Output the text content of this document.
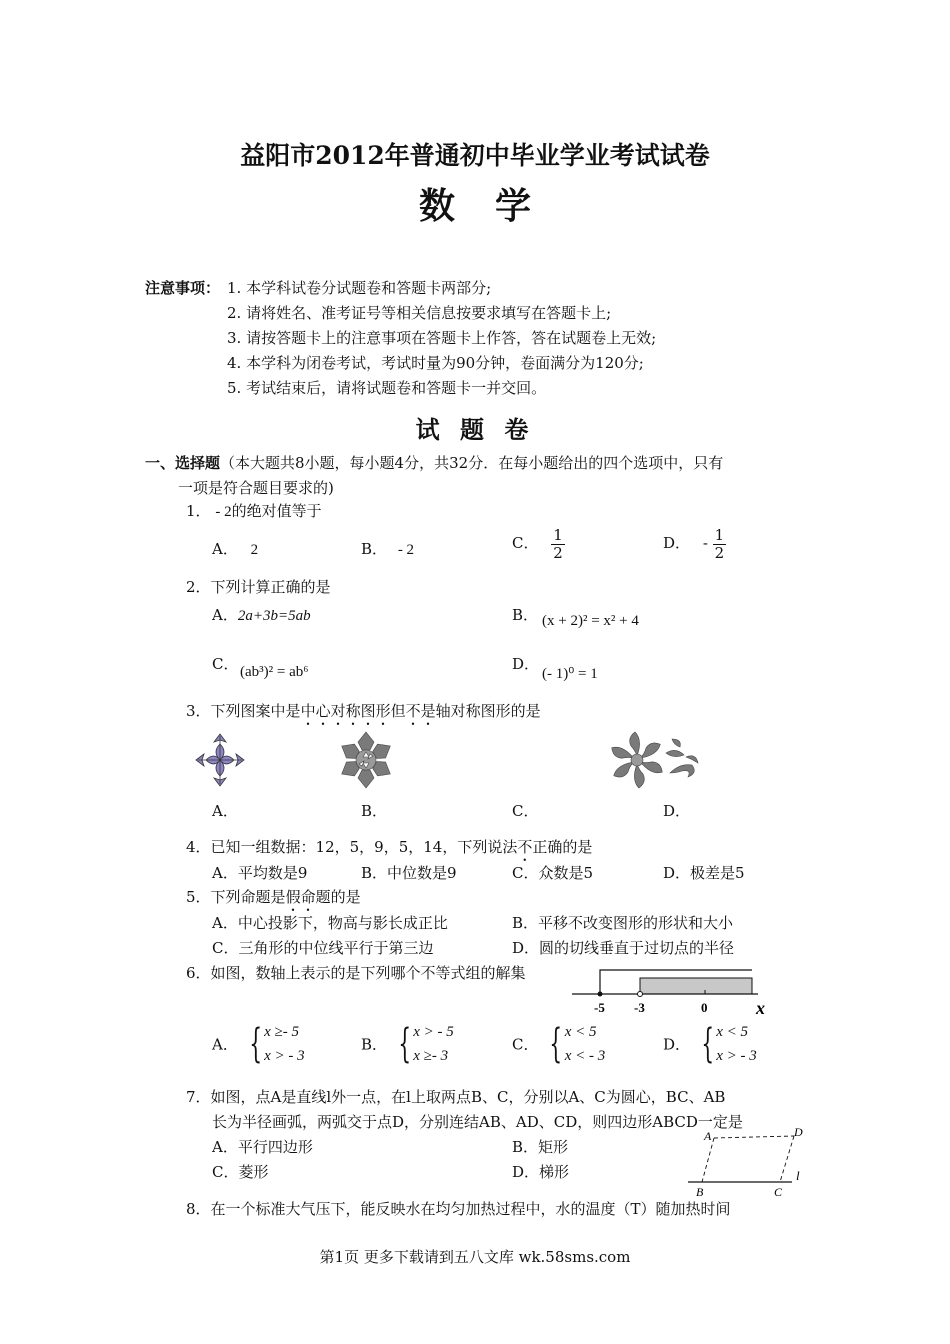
益阳市2012年普通初中毕业学业考试试卷
数学
注意事项： 1. 本学科试卷分试题卷和答题卡两部分;
2. 请将姓名、准考证号等相关信息按要求填写在答题卡上;
3. 请按答题卡上的注意事项在答题卡上作答，答在试题卷上无效;
4. 本学科为闭卷考试，考试时量为90分钟，卷面满分为120分;
5. 考试结束后，请将试题卷和答题卡一并交回。
试 题 卷
一、选择题（本大题共8小题，每小题4分，共32分．在每小题给出的四个选项中，只有
一项是符合题目要求的)
1． - 2的绝对值等于
A． 2	B． - 2	C． $\frac{1}{2}$	D． - $\frac{1}{2}$
2．下列计算正确的是
A．2a+3b=5ab	B． (x + 2)² = x² + 4
C． (ab³)² = ab⁶	D．
(- 1)⁰ = 1
3．下列图案中是中心对称图形但不是轴对称图形的是
A．	B．	C．	D．
4．已知一组数据：12，5，9，5，14，下列说法不正确的是
A．平均数是9	B．中位数是9	C．众数是5	D．极差是5
5．下列命题是假命题的是
A．中心投影下，物高与影长成正比	B．平移不改变图形的形状和大小
C．三角形的中位线平行于第三边	D．圆的切线垂直于过切点的半径
6．如图，数轴上表示的是下列哪个不等式组的解集
-5 -3	0	x
A． { x ≥- 5
x > - 3
B． { x > - 5
x ≥- 3
C． { x < 5
x < - 3
D． { x < 5
x > - 3
7．如图，点A是直线l外一点，在l上取两点B、C，分别以A、C为圆心，BC、AB
长为半径画弧，两弧交于点D，分别连结AB、AD、CD，则四边形ABCD一定是
A．平行四边形	B．矩形
C．菱形	D．梯形
A	D
B	C
l
8．在一个标准大气压下，能反映水在均匀加热过程中，水的温度（T）随加热时间
第1页 更多下载请到五八文库 wk.58sms.com
